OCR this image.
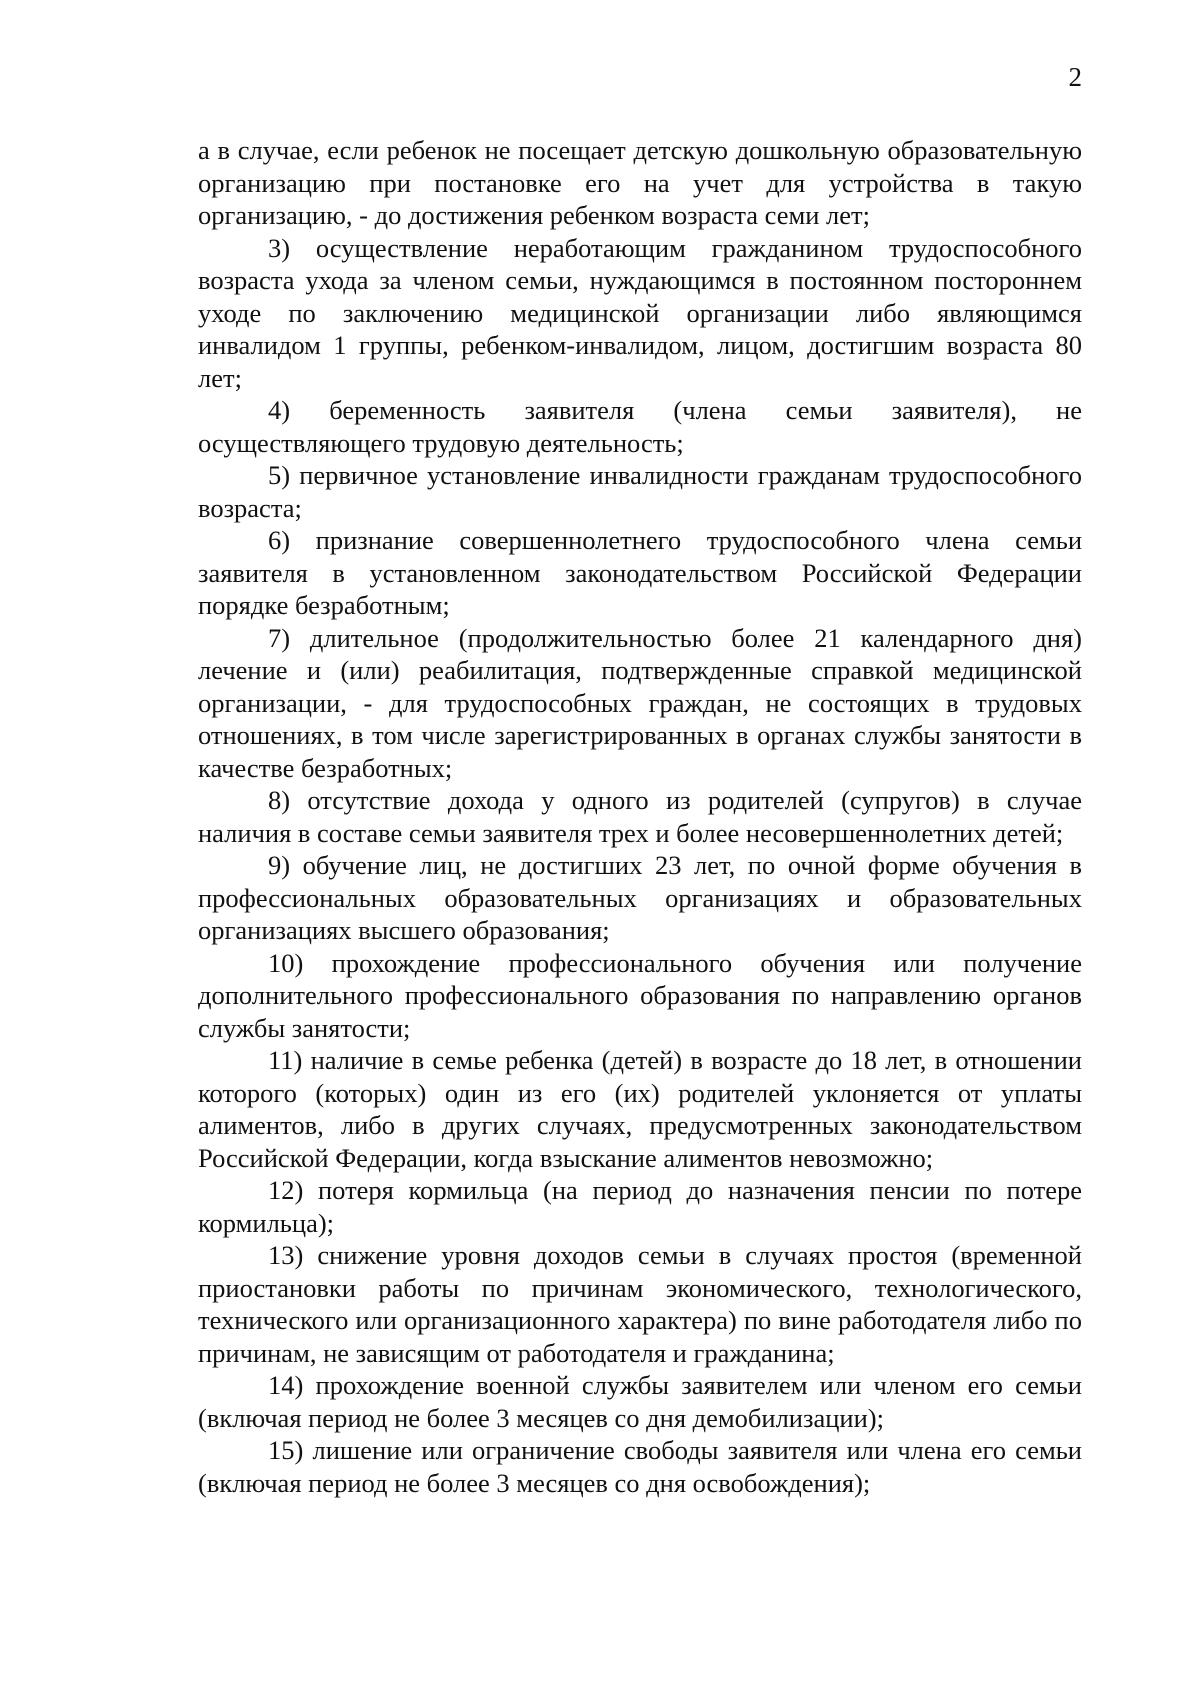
2

а в случае, если ребенок не посещает детскую дошкольную образовательную организацию при постановке его на учет для устройства в такую организацию, - до достижения ребенком возраста семи лет;

3) осуществление неработающим гражданином трудоспособного возраста ухода за членом семьи, нуждающимся в постоянном постороннем уходе по заключению медицинской организации либо являющимся инвалидом 1 группы, ребенком-инвалидом, лицом, достигшим возраста 80 лет;

4) беременность заявителя (члена семьи заявителя), не осуществляющего трудовую деятельность;

5) первичное установление инвалидности гражданам трудоспособного возраста;

6) признание совершеннолетнего трудоспособного члена семьи заявителя в установленном законодательством Российской Федерации порядке безработным;

7) длительное (продолжительностью более 21 календарного дня) лечение и (или) реабилитация, подтвержденные справкой медицинской организации, - для трудоспособных граждан, не состоящих в трудовых отношениях, в том числе зарегистрированных в органах службы занятости в качестве безработных;

8) отсутствие дохода у одного из родителей (супругов) в случае наличия в составе семьи заявителя трех и более несовершеннолетних детей;

9) обучение лиц, не достигших 23 лет, по очной форме обучения в профессиональных образовательных организациях и образовательных организациях высшего образования;

10) прохождение профессионального обучения или получение дополнительного профессионального образования по направлению органов службы занятости;

11) наличие в семье ребенка (детей) в возрасте до 18 лет, в отношении которого (которых) один из его (их) родителей уклоняется от уплаты алиментов, либо в других случаях, предусмотренных законодательством Российской Федерации, когда взыскание алиментов невозможно;

12) потеря кормильца (на период до назначения пенсии по потере кормильца);

13) снижение уровня доходов семьи в случаях простоя (временной приостановки работы по причинам экономического, технологического, технического или организационного характера) по вине работодателя либо по причинам, не зависящим от работодателя и гражданина;

14) прохождение военной службы заявителем или членом его семьи (включая период не более 3 месяцев со дня демобилизации);

15) лишение или ограничение свободы заявителя или члена его семьи (включая период не более 3 месяцев со дня освобождения);
